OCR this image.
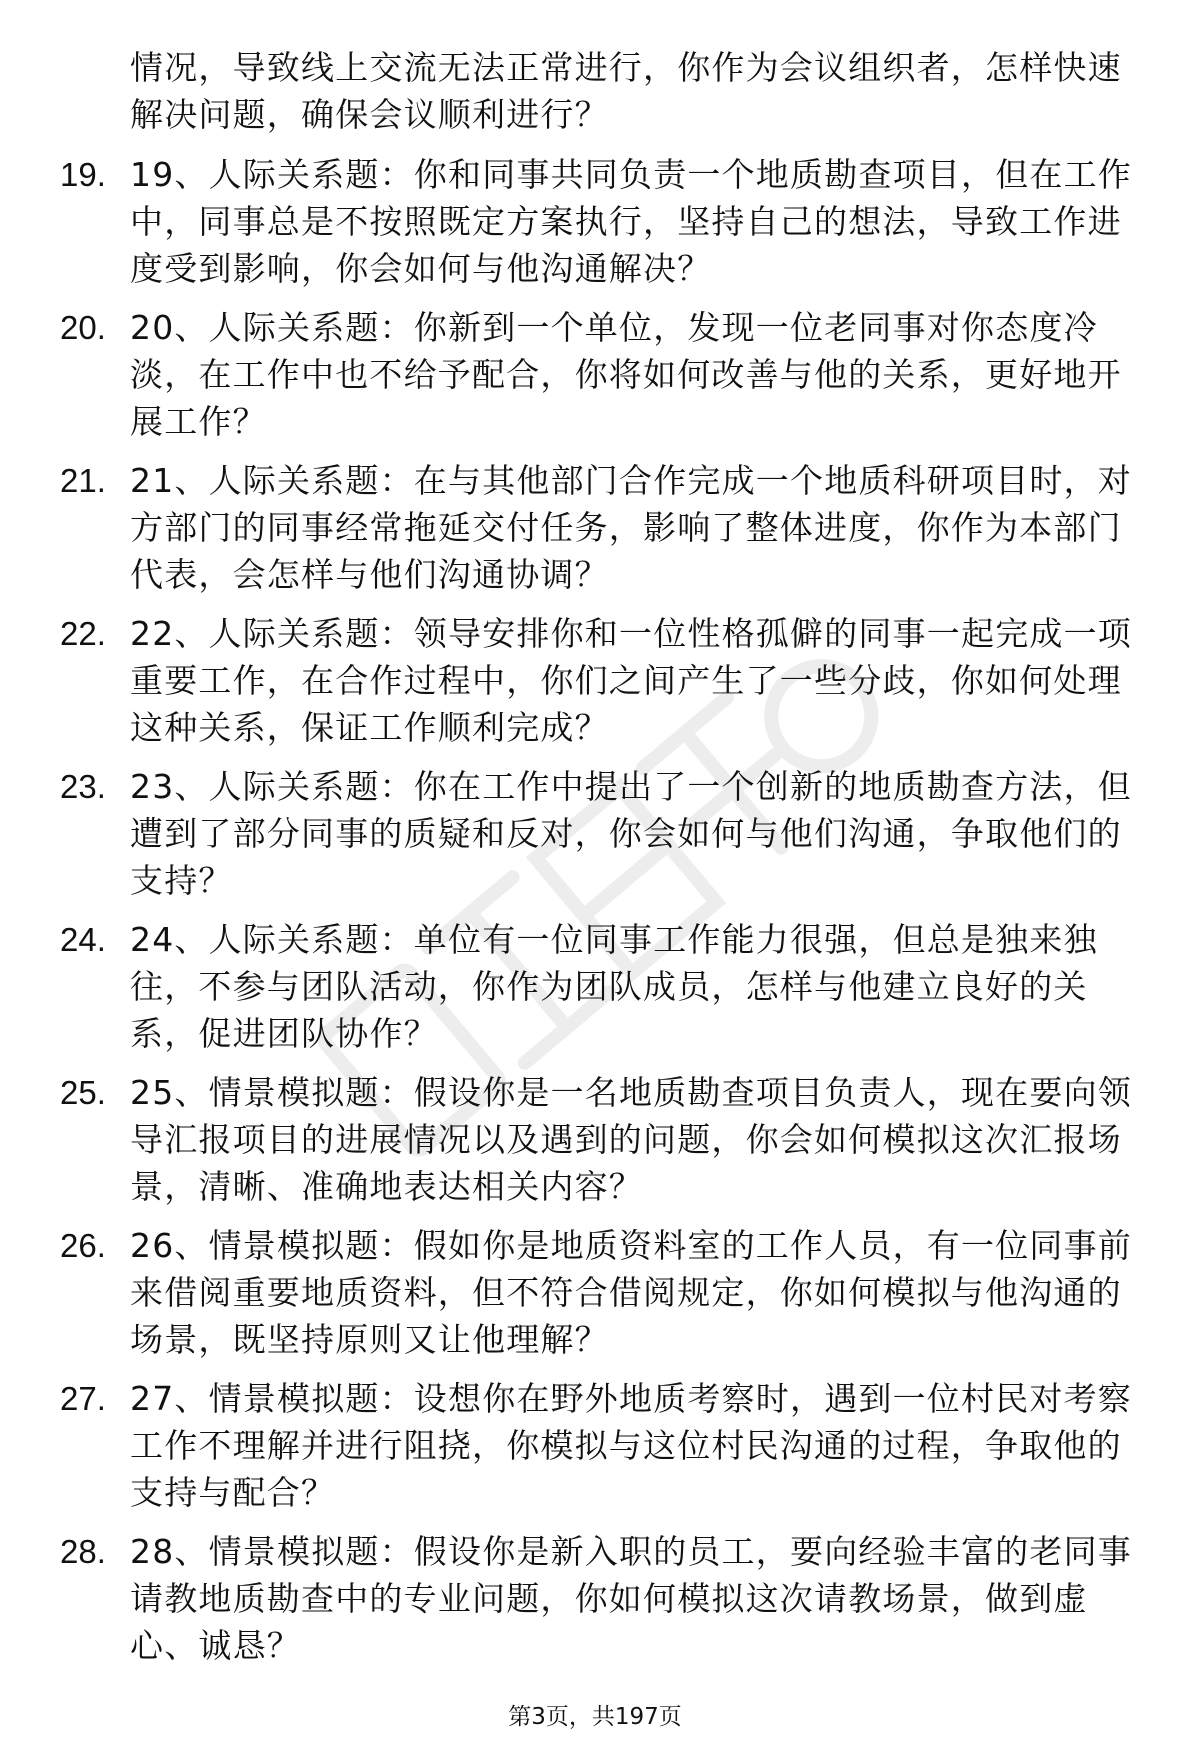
情况，导致线上交流无法正常进行，你作为会议组织者，怎样快速解决问题，确保会议顺利进行？

19. 19、人际关系题：你和同事共同负责一个地质勘查项目，但在工作中，同事总是不按照既定方案执行，坚持自己的想法，导致工作进度受到影响，你会如何与他沟通解决？

20. 20、人际关系题：你新到一个单位，发现一位老同事对你态度冷淡，在工作中也不给予配合，你将如何改善与他的关系，更好地开展工作？

21. 21、人际关系题：在与其他部门合作完成一个地质科研项目时，对方部门的同事经常拖延交付任务，影响了整体进度，你作为本部门代表，会怎样与他们沟通协调？

22. 22、人际关系题：领导安排你和一位性格孤僻的同事一起完成一项重要工作，在合作过程中，你们之间产生了一些分歧，你如何处理这种关系，保证工作顺利完成？

23. 23、人际关系题：你在工作中提出了一个创新的地质勘查方法，但遭到了部分同事的质疑和反对，你会如何与他们沟通，争取他们的支持？

24. 24、人际关系题：单位有一位同事工作能力很强，但总是独来独往，不参与团队活动，你作为团队成员，怎样与他建立良好的关系，促进团队协作？

25. 25、情景模拟题：假设你是一名地质勘查项目负责人，现在要向领导汇报项目的进展情况以及遇到的问题，你会如何模拟这次汇报场景，清晰、准确地表达相关内容？

26. 26、情景模拟题：假如你是地质资料室的工作人员，有一位同事前来借阅重要地质资料，但不符合借阅规定，你如何模拟与他沟通的场景，既坚持原则又让他理解？

27. 27、情景模拟题：设想你在野外地质考察时，遇到一位村民对考察工作不理解并进行阻挠，你模拟与这位村民沟通的过程，争取他的支持与配合？

28. 28、情景模拟题：假设你是新入职的员工，要向经验丰富的老同事请教地质勘查中的专业问题，你如何模拟这次请教场景，做到虚心、诚恳？

第3页，共197页
